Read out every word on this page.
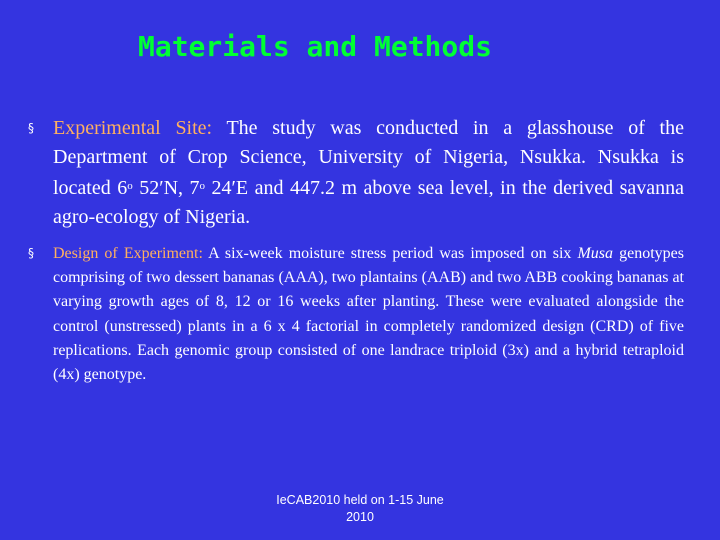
Materials and Methods
§ Experimental Site: The study was conducted in a glasshouse of the Department of Crop Science, University of Nigeria, Nsukka. Nsukka is located 6$^o$ 52′N, 7$^o$ 24′E and 447.2 m above sea level, in the derived savanna agro-ecology of Nigeria.
§ Design of Experiment: A six-week moisture stress period was imposed on six Musa genotypes comprising of two dessert bananas (AAA), two plantains (AAB) and two ABB cooking bananas at varying growth ages of 8, 12 or 16 weeks after planting. These were evaluated alongside the control (unstressed) plants in a 6 x 4 factorial in completely randomized design (CRD) of five replications. Each genomic group consisted of one landrace triploid (3x) and a hybrid tetraploid (4x) genotype.
IeCAB2010 held on 1-15 June
2010
